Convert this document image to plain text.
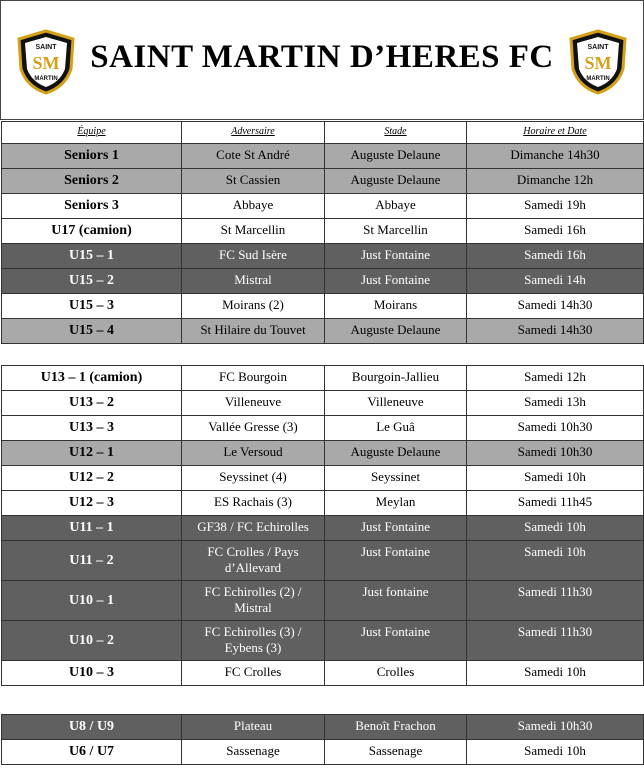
SAINT
SM
MARTIN
SAINT MARTIN D’HERES FC	SAINT
SM
MARTIN
Équipe	Adversaire	Stade	Horaire et Date
Seniors 1	Cote St André	Auguste Delaune	Dimanche 14h30
Seniors 2	St Cassien	Auguste Delaune	Dimanche 12h
Seniors 3	Abbaye	Abbaye	Samedi 19h
U17 (camion)	St Marcellin	St Marcellin	Samedi 16h
U15 – 1	FC Sud Isère	Just Fontaine	Samedi 16h
U15 – 2	Mistral	Just Fontaine	Samedi 14h
U15 – 3	Moirans (2)	Moirans	Samedi 14h30
U15 – 4	St Hilaire du Touvet	Auguste Delaune	Samedi 14h30
U13 – 1 (camion)	FC Bourgoin	Bourgoin-Jallieu	Samedi 12h
U13 – 2	Villeneuve	Villeneuve	Samedi 13h
U13 – 3	Vallée Gresse (3)	Le Guâ	Samedi 10h30
U12 – 1	Le Versoud	Auguste Delaune	Samedi 10h30
U12 – 2	Seyssinet (4)	Seyssinet	Samedi 10h
U12 – 3	ES Rachais (3)	Meylan	Samedi 11h45
U11 – 1	GF38 / FC Echirolles	Just Fontaine	Samedi 10h
U11 – 2	FC Crolles / Pays d’Allevard	Just Fontaine	Samedi 10h
U10 – 1	FC Echirolles (2) / Mistral	Just fontaine	Samedi 11h30
U10 – 2	FC Echirolles (3) / Eybens (3)	Just Fontaine	Samedi 11h30
U10 – 3	FC Crolles	Crolles	Samedi 10h
U8 / U9	Plateau	Benoît Frachon	Samedi 10h30
U6 / U7	Sassenage	Sassenage	Samedi 10h
